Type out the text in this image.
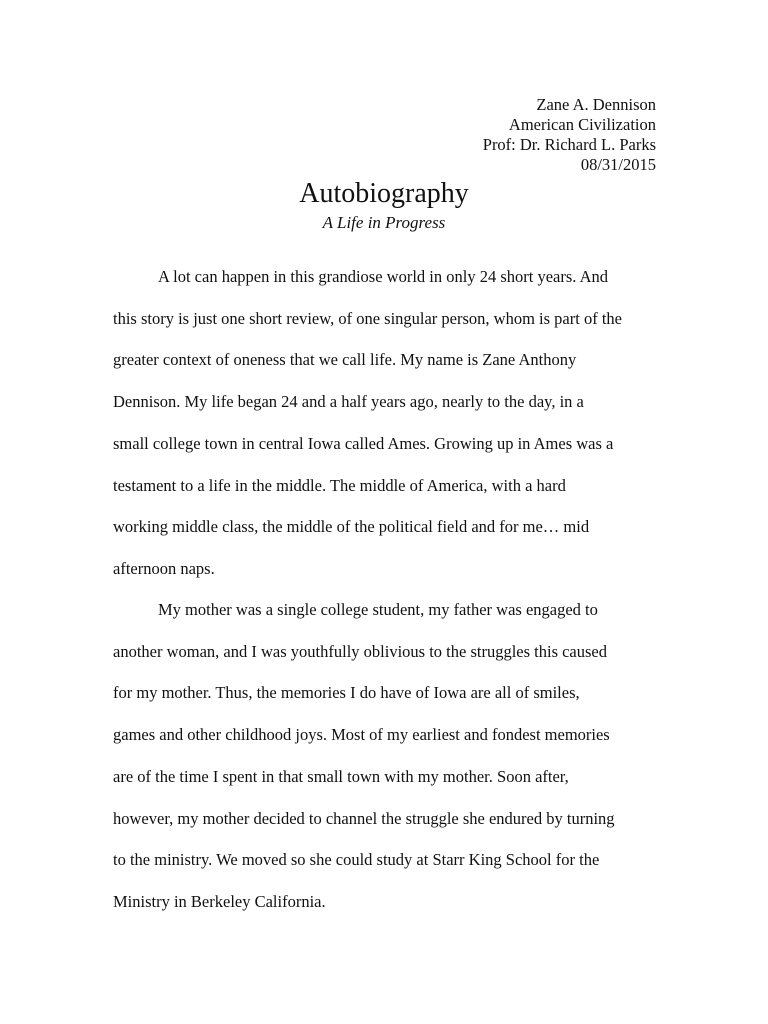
Zane A. Dennison
American Civilization
Prof: Dr. Richard L. Parks
08/31/2015
Autobiography

A Life in Progress

A lot can happen in this grandiose world in only 24 short years. And
this story is just one short review, of one singular person, whom is part of the
greater context of oneness that we call life. My name is Zane Anthony
Dennison. My life began 24 and a half years ago, nearly to the day, in a
small college town in central Iowa called Ames. Growing up in Ames was a
testament to a life in the middle. The middle of America, with a hard
working middle class, the middle of the political field and for me… mid
afternoon naps.
My mother was a single college student, my father was engaged to
another woman, and I was youthfully oblivious to the struggles this caused
for my mother. Thus, the memories I do have of Iowa are all of smiles,
games and other childhood joys. Most of my earliest and fondest memories
are of the time I spent in that small town with my mother. Soon after,
however, my mother decided to channel the struggle she endured by turning
to the ministry. We moved so she could study at Starr King School for the
Ministry in Berkeley California.
